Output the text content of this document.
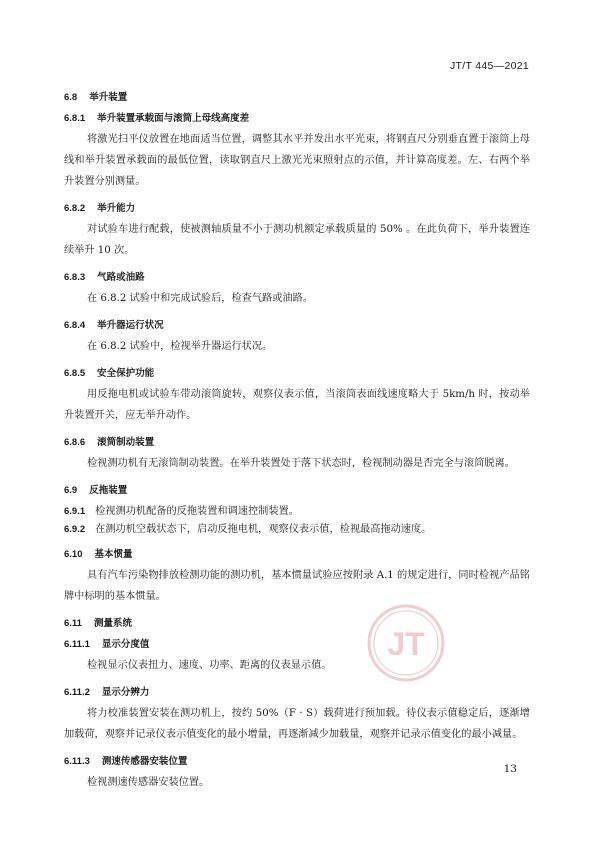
JT/T 445—2021

6.8 举升装置

6.8.1 举升装置承载面与滚筒上母线高度差

将激光扫平仪放置在地面适当位置，调整其水平并发出水平光束，将钢直尺分别垂直置于滚筒上母线和举升装置承载面的最低位置，读取钢直尺上激光光束照射点的示值，并计算高度差。左、右两个举升装置分别测量。

6.8.2 举升能力

对试验车进行配载，使被测轴质量不小于测功机额定承载质量的 50% 。在此负荷下，举升装置连续举升 10 次。

6.8.3 气路或油路

在 6.8.2 试验中和完成试验后，检查气路或油路。

6.8.4 举升器运行状况

在 6.8.2 试验中，检视举升器运行状况。

6.8.5 安全保护功能

用反拖电机或试验车带动滚筒旋转，观察仪表示值，当滚筒表面线速度略大于 5km/h 时，按动举升装置开关，应无举升动作。

6.8.6 滚筒制动装置

检视测功机有无滚筒制动装置。在举升装置处于落下状态时，检视制动器是否完全与滚筒脱离。

6.9 反拖装置

6.9.1 检视测功机配备的反拖装置和调速控制装置。

6.9.2 在测功机空载状态下，启动反拖电机，观察仪表示值，检视最高拖动速度。

6.10 基本惯量

具有汽车污染物排放检测功能的测功机，基本惯量试验应按附录 A.1 的规定进行，同时检视产品铭牌中标明的基本惯量。

6.11 测量系统

6.11.1 显示分度值

检视显示仪表扭力、速度、功率、距离的仪表显示值。

6.11.2 显示分辨力

将力校准装置安装在测功机上，按约 50%（F · S）载荷进行预加载。待仪表示值稳定后，逐渐增加载荷，观察并记录仪表示值变化的最小增量，再逐渐减少加载量，观察并记录示值变化的最小减量。

6.11.3 测速传感器安装位置

检视测速传感器安装位置。

JT
13
